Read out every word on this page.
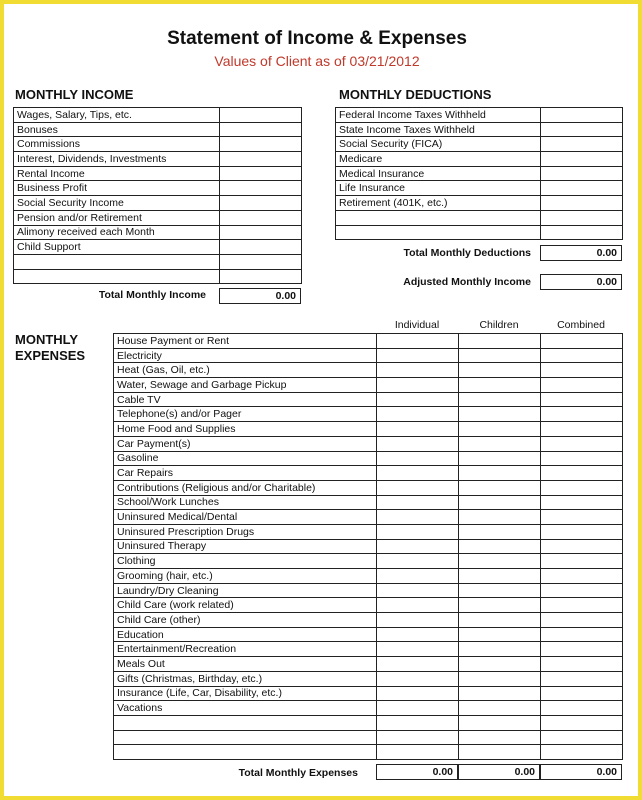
Statement of Income & Expenses
Values of Client as of 03/21/2012
MONTHLY INCOME
Wages, Salary, Tips, etc.	
Bonuses	
Commissions	
Interest, Dividends, Investments	
Rental Income	
Business Profit	
Social Security Income	
Pension and/or Retirement	
Alimony received each Month	
Child Support	

Total Monthly Income	0.00
MONTHLY DEDUCTIONS
Federal Income Taxes Withheld	
State Income Taxes Withheld	
Social Security (FICA)	
Medicare	
Medical Insurance	
Life Insurance	
Retirement (401K, etc.)	

Total Monthly Deductions	0.00
Adjusted Monthly Income	0.00
MONTHLY
EXPENSES
Individual	Children	Combined
House Payment or Rent			
Electricity			
Heat (Gas, Oil, etc.)			
Water, Sewage and Garbage Pickup			
Cable TV			
Telephone(s) and/or Pager			
Home Food and Supplies			
Car Payment(s)			
Gasoline			
Car Repairs			
Contributions (Religious and/or Charitable)			
School/Work Lunches			
Uninsured Medical/Dental			
Uninsured Prescription Drugs			
Uninsured Therapy			
Clothing			
Grooming (hair, etc.)			
Laundry/Dry Cleaning			
Child Care (work related)			
Child Care (other)			
Education			
Entertainment/Recreation			
Meals Out			
Gifts (Christmas, Birthday, etc.)			
Insurance (Life, Car, Disability, etc.)			
Vacations			

Total Monthly Expenses	0.00	0.00	0.00
